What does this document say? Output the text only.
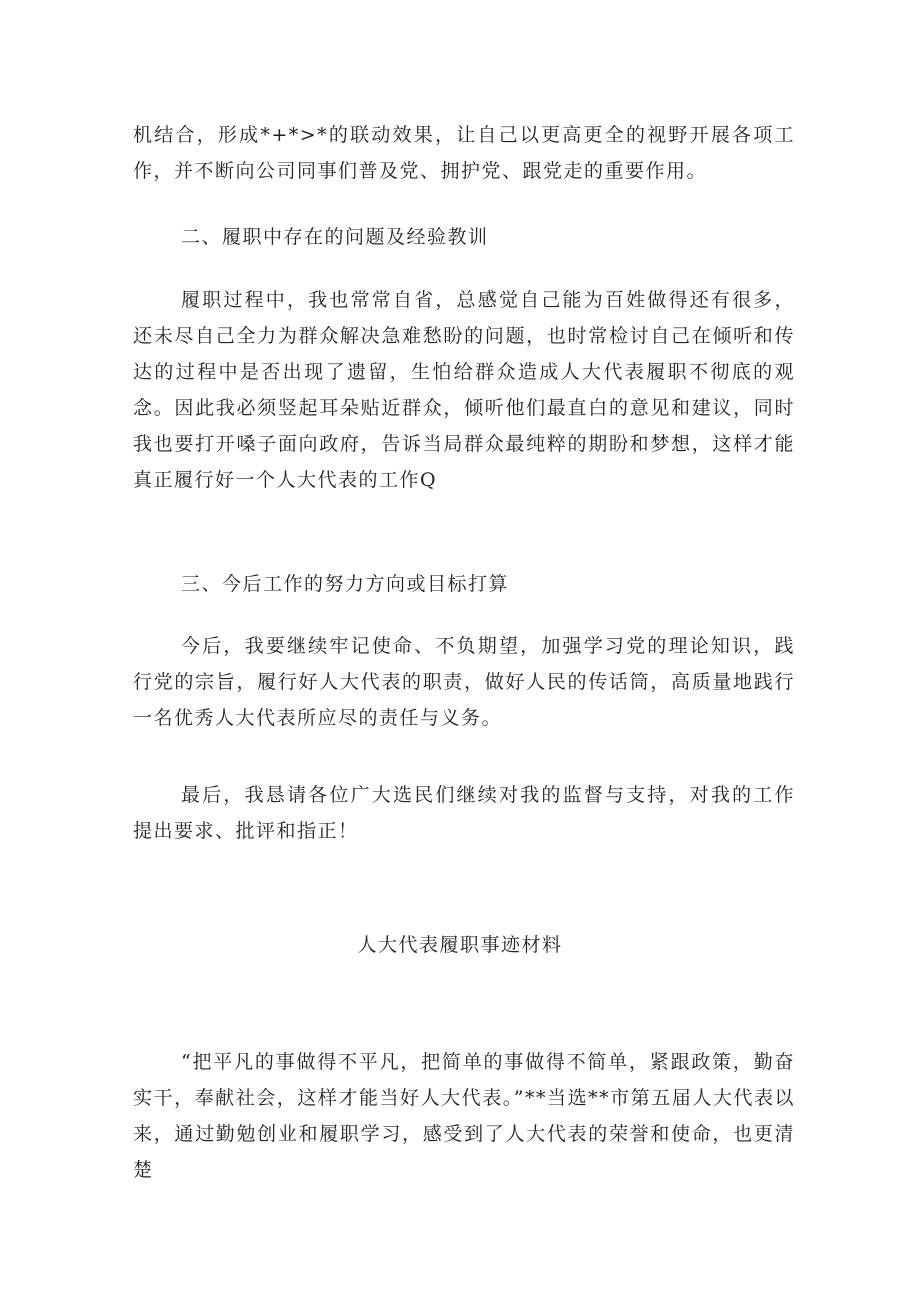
机结合，形成*+*>*的联动效果，让自己以更高更全的视野开展各项工作，并不断向公司同事们普及党、拥护党、跟党走的重要作用。

二、履职中存在的问题及经验教训

履职过程中，我也常常自省，总感觉自己能为百姓做得还有很多，还未尽自己全力为群众解决急难愁盼的问题，也时常检讨自己在倾听和传达的过程中是否出现了遗留，生怕给群众造成人大代表履职不彻底的观念。因此我必须竖起耳朵贴近群众，倾听他们最直白的意见和建议，同时我也要打开嗓子面向政府，告诉当局群众最纯粹的期盼和梦想，这样才能真正履行好一个人大代表的工作Q

三、今后工作的努力方向或目标打算

今后，我要继续牢记使命、不负期望，加强学习党的理论知识，践行党的宗旨，履行好人大代表的职责，做好人民的传话筒，高质量地践行一名优秀人大代表所应尽的责任与义务。

最后，我恳请各位广大选民们继续对我的监督与支持，对我的工作提出要求、批评和指正！

人大代表履职事迹材料

“把平凡的事做得不平凡，把简单的事做得不简单，紧跟政策，勤奋实干，奉献社会，这样才能当好人大代表。”**当选**市第五届人大代表以来，通过勤勉创业和履职学习，感受到了人大代表的荣誉和使命，也更清楚
